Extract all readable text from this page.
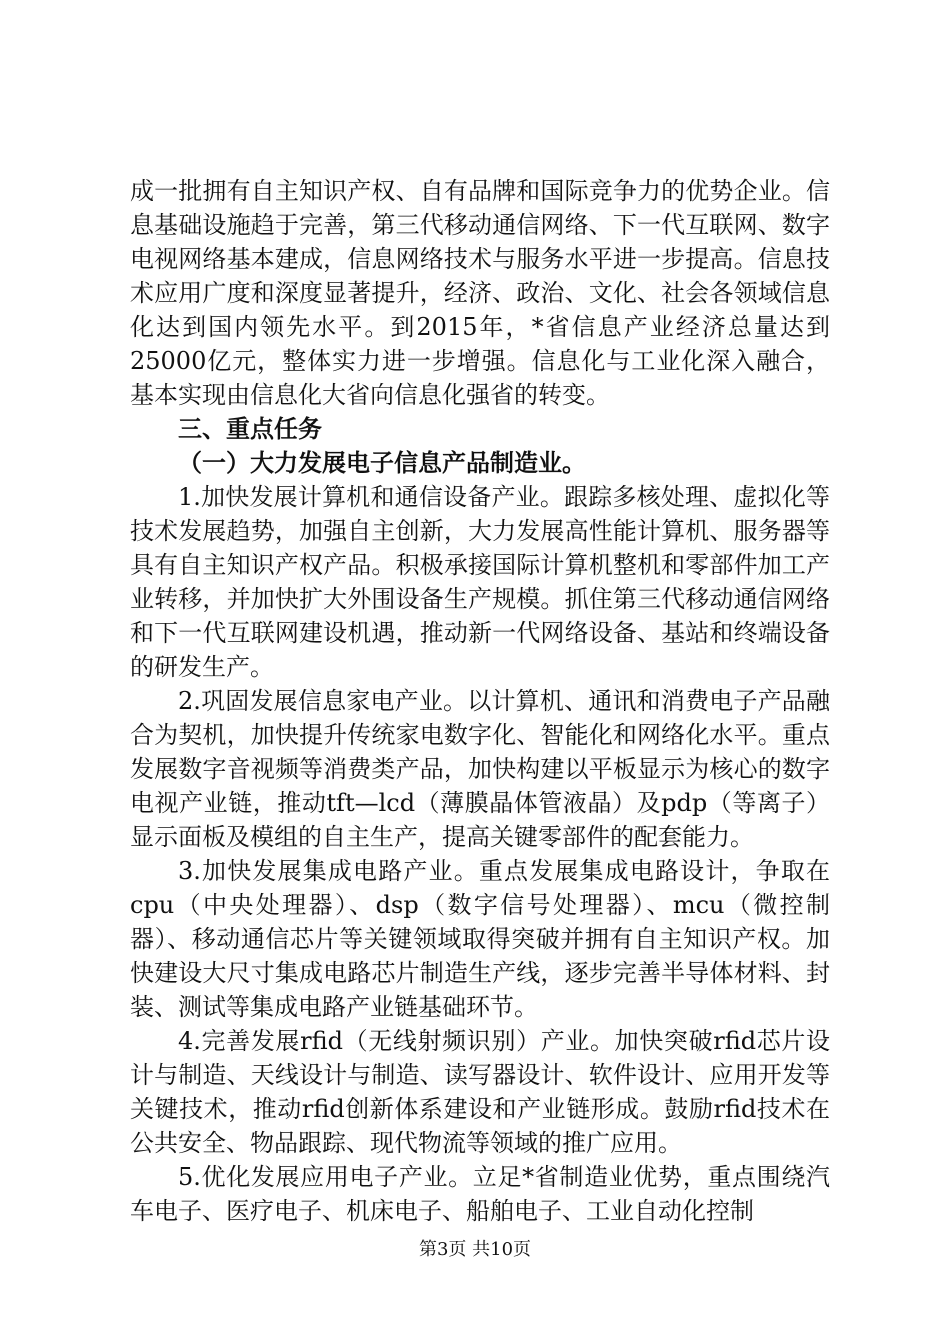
成一批拥有自主知识产权、自有品牌和国际竞争力的优势企业。信息基础设施趋于完善，第三代移动通信网络、下一代互联网、数字电视网络基本建成，信息网络技术与服务水平进一步提高。信息技术应用广度和深度显著提升，经济、政治、文化、社会各领域信息化达到国内领先水平。到2015年，*省信息产业经济总量达到25000亿元，整体实力进一步增强。信息化与工业化深入融合，基本实现由信息化大省向信息化强省的转变。

三、重点任务

（一）大力发展电子信息产品制造业。

1.加快发展计算机和通信设备产业。跟踪多核处理、虚拟化等技术发展趋势，加强自主创新，大力发展高性能计算机、服务器等具有自主知识产权产品。积极承接国际计算机整机和零部件加工产业转移，并加快扩大外围设备生产规模。抓住第三代移动通信网络和下一代互联网建设机遇，推动新一代网络设备、基站和终端设备的研发生产。

2.巩固发展信息家电产业。以计算机、通讯和消费电子产品融合为契机，加快提升传统家电数字化、智能化和网络化水平。重点发展数字音视频等消费类产品，加快构建以平板显示为核心的数字电视产业链，推动tft—lcd（薄膜晶体管液晶）及pdp（等离子）显示面板及模组的自主生产，提高关键零部件的配套能力。

3.加快发展集成电路产业。重点发展集成电路设计，争取在cpu（中央处理器）、dsp（数字信号处理器）、mcu（微控制器）、移动通信芯片等关键领域取得突破并拥有自主知识产权。加快建设大尺寸集成电路芯片制造生产线，逐步完善半导体材料、封装、测试等集成电路产业链基础环节。

4.完善发展rfid（无线射频识别）产业。加快突破rfid芯片设计与制造、天线设计与制造、读写器设计、软件设计、应用开发等关键技术，推动rfid创新体系建设和产业链形成。鼓励rfid技术在公共安全、物品跟踪、现代物流等领域的推广应用。

5.优化发展应用电子产业。立足*省制造业优势，重点围绕汽车电子、医疗电子、机床电子、船舶电子、工业自动化控制

第3页 共10页
